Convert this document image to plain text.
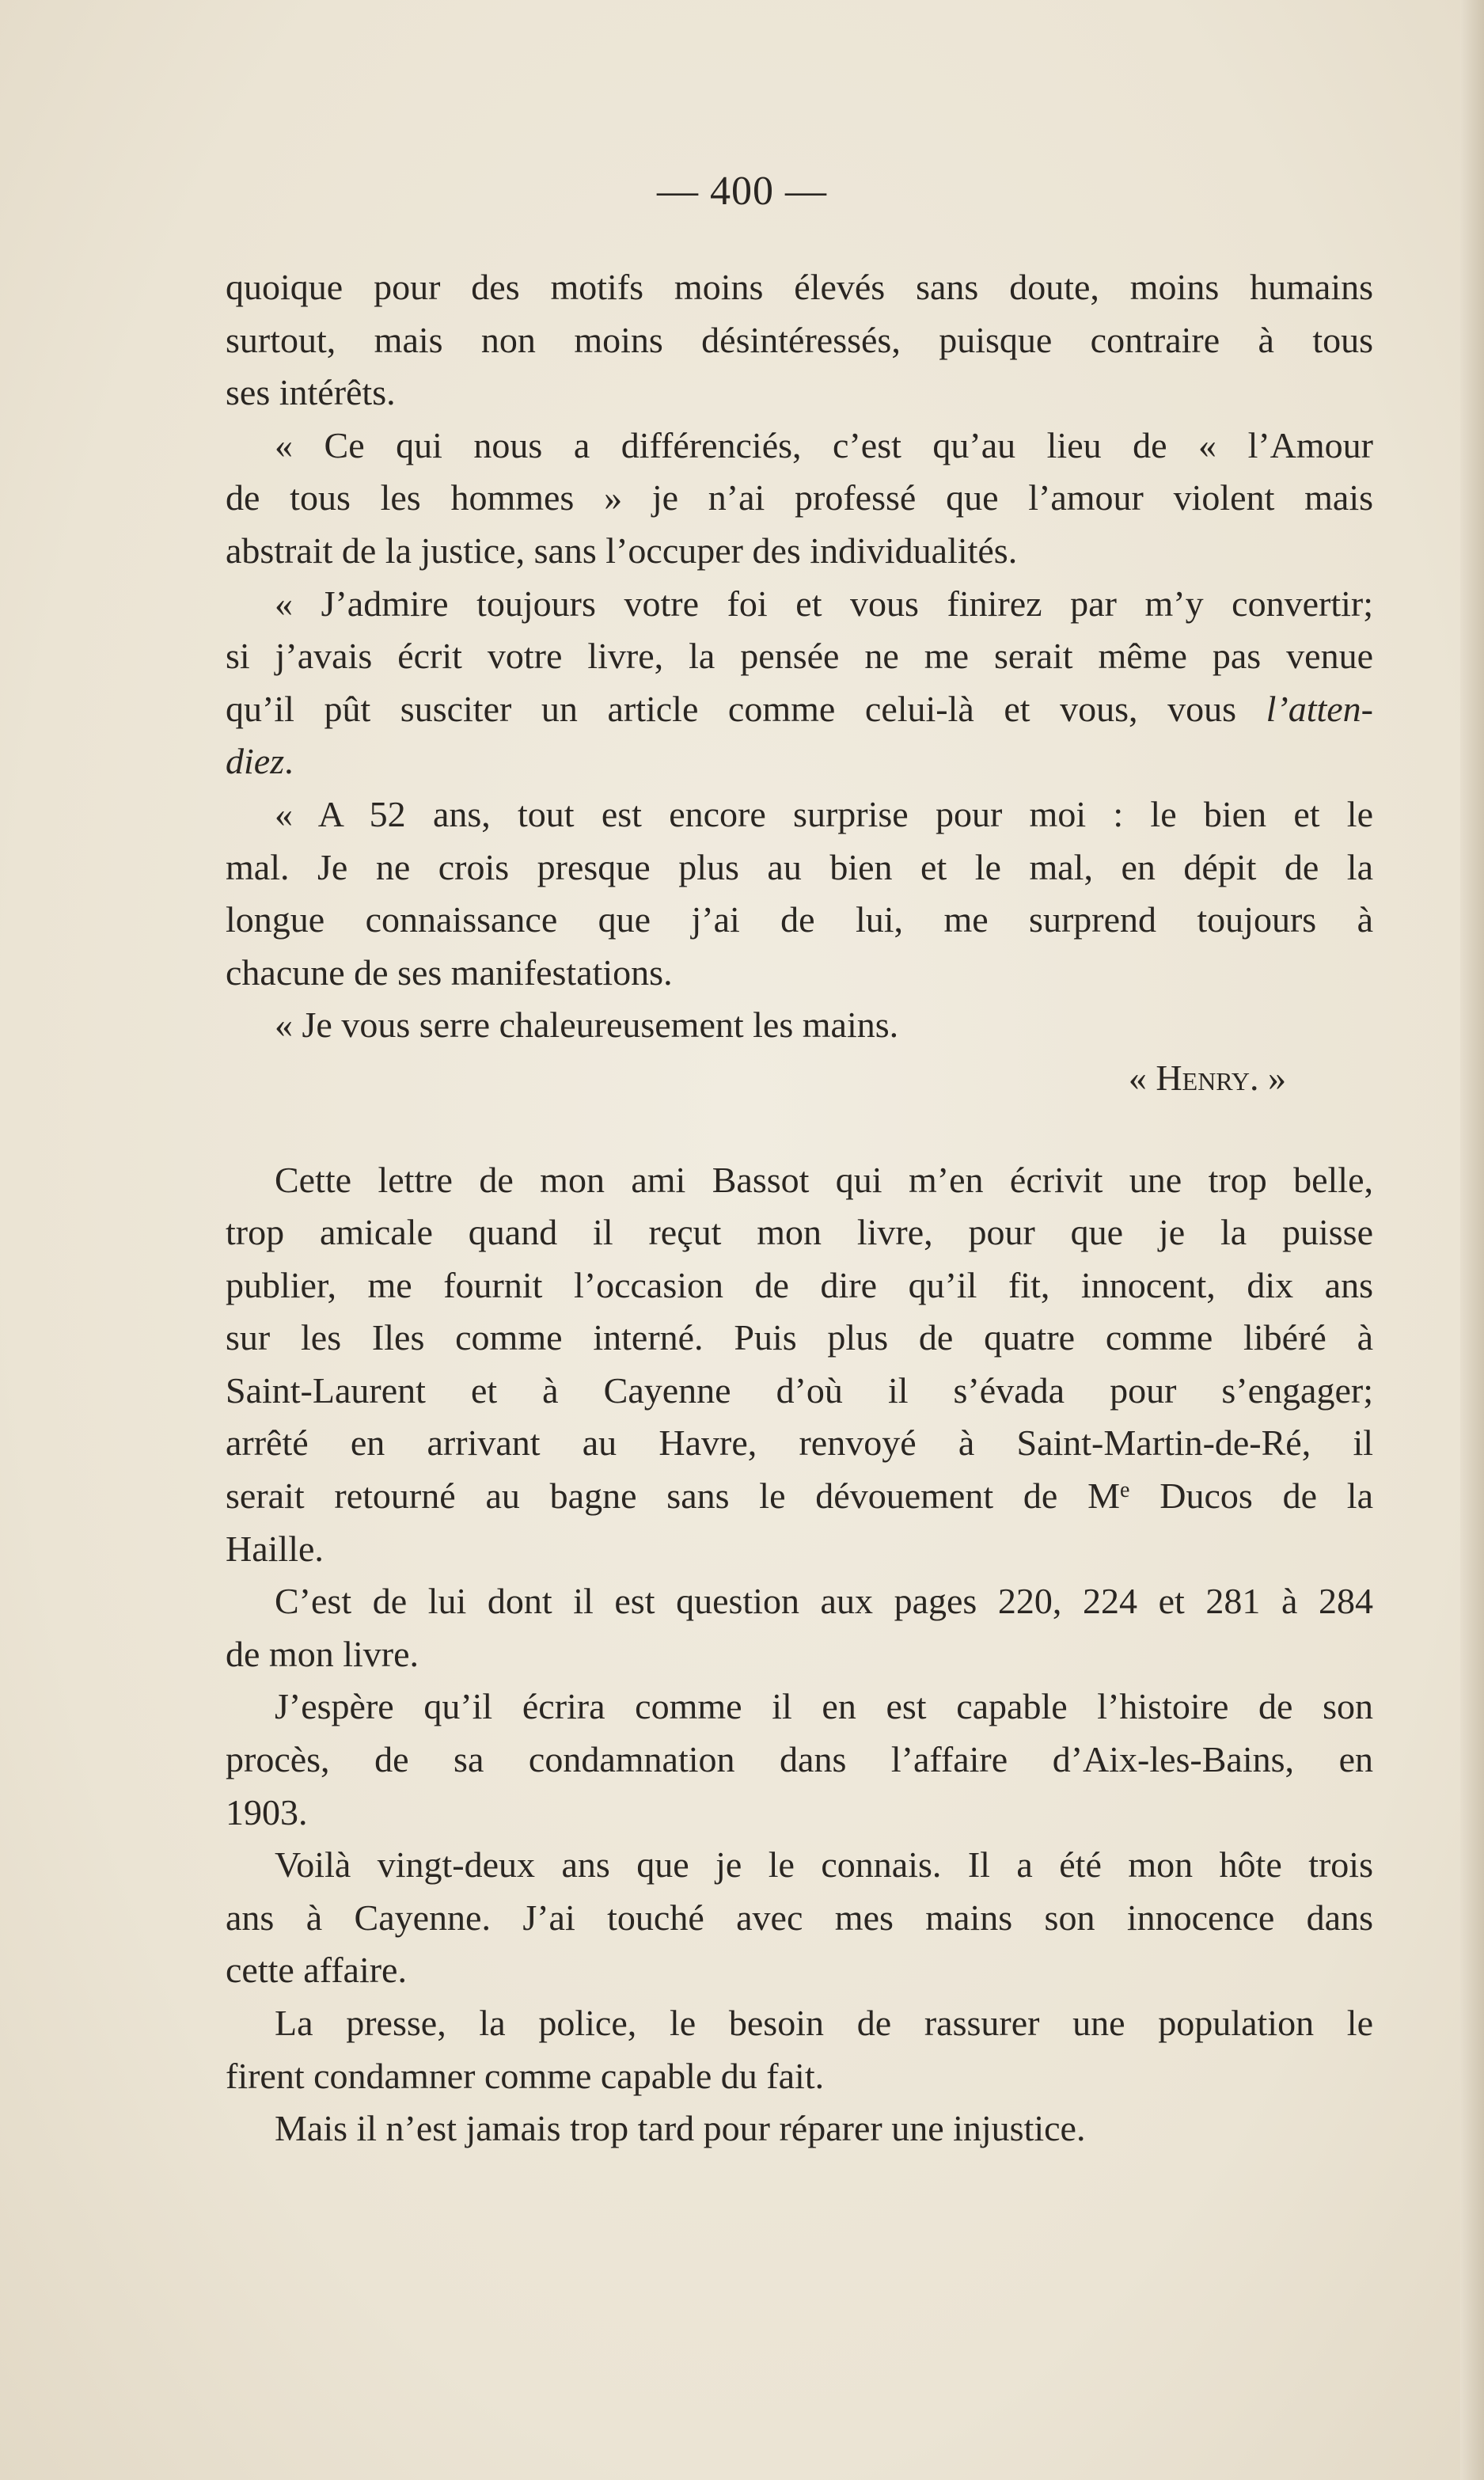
— 400 —
quoique pour des motifs moins élevés sans doute, moins humains
surtout, mais non moins désintéressés, puisque contraire à tous
ses intérêts.
« Ce qui nous a différenciés, c’est qu’au lieu de « l’Amour
de tous les hommes » je n’ai professé que l’amour violent mais
abstrait de la justice, sans l’occuper des individualités.
« J’admire toujours votre foi et vous finirez par m’y convertir;
si j’avais écrit votre livre, la pensée ne me serait même pas venue
qu’il pût susciter un article comme celui-là et vous, vous l’atten-
diez.
« A 52 ans, tout est encore surprise pour moi : le bien et le
mal. Je ne crois presque plus au bien et le mal, en dépit de la
longue connaissance que j’ai de lui, me surprend toujours à
chacune de ses manifestations.
« Je vous serre chaleureusement les mains.
« Henry. »
Cette lettre de mon ami Bassot qui m’en écrivit une trop belle,
trop amicale quand il reçut mon livre, pour que je la puisse
publier, me fournit l’occasion de dire qu’il fit, innocent, dix ans
sur les Iles comme interné. Puis plus de quatre comme libéré à
Saint-Laurent et à Cayenne d’où il s’évada pour s’engager;
arrêté en arrivant au Havre, renvoyé à Saint-Martin-de-Ré, il
serait retourné au bagne sans le dévouement de Me Ducos de la
Haille.
C’est de lui dont il est question aux pages 220, 224 et 281 à 284
de mon livre.
J’espère qu’il écrira comme il en est capable l’histoire de son
procès, de sa condamnation dans l’affaire d’Aix-les-Bains, en
1903.
Voilà vingt-deux ans que je le connais. Il a été mon hôte trois
ans à Cayenne. J’ai touché avec mes mains son innocence dans
cette affaire.
La presse, la police, le besoin de rassurer une population le
firent condamner comme capable du fait.
Mais il n’est jamais trop tard pour réparer une injustice.
